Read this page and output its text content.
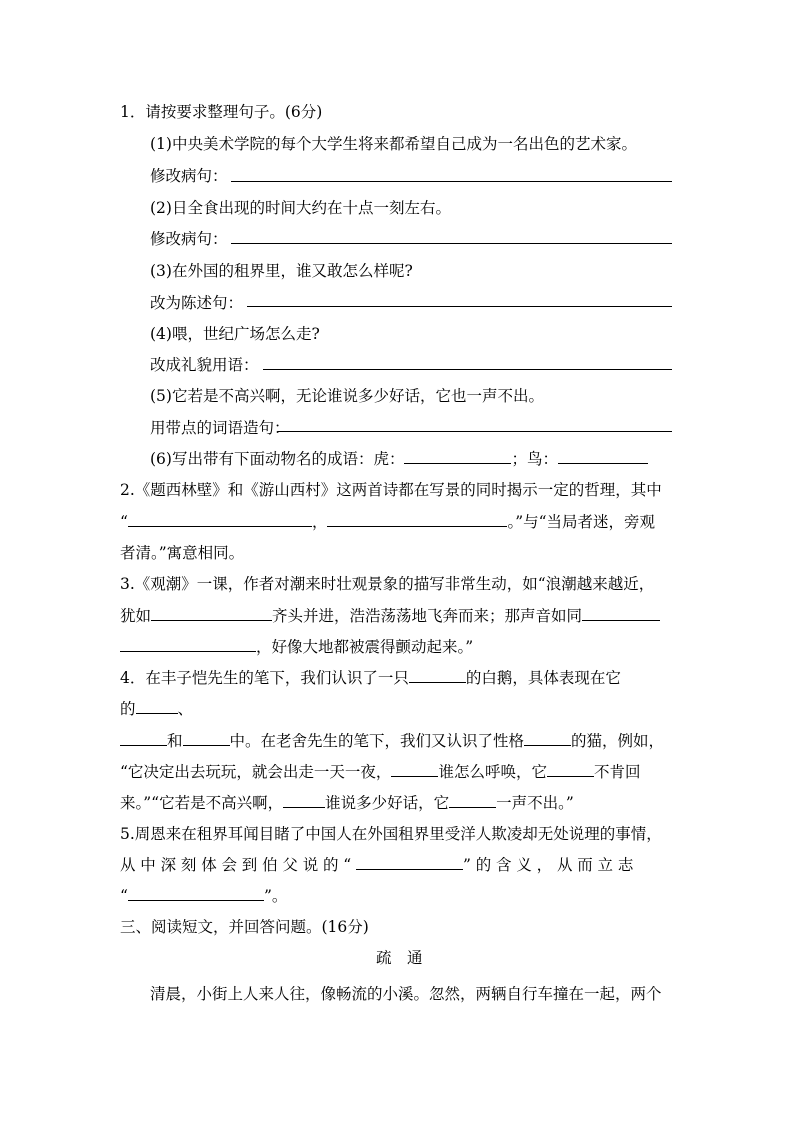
1．请按要求整理句子。(6分)
(1)中央美术学院的每个大学生将来都希望自己成为一名出色的艺术家。
修改病句：
(2)日全食出现的时间大约在十点一刻左右。
修改病句：
(3)在外国的租界里，谁又敢怎么样呢?
改为陈述句：
(4)喂，世纪广场怎么走?
改成礼貌用语：
(5)它若是不高兴啊，无论谁说多少好话，它也一声不出。
用带点的词语造句：
(6)写出带有下面动物名的成语：虎：	；鸟：
2.《题西林壁》和《游山西村》这两首诗都在写景的同时揭示一定的哲理，其中
“	，	。”与“当局者迷，旁观
者清。”寓意相同。
3.《观潮》一课，作者对潮来时壮观景象的描写非常生动，如“浪潮越来越近，
犹如	齐头并进，浩浩荡荡地飞奔而来；那声音如同
，好像大地都被震得颤动起来。”
4．在丰子恺先生的笔下，我们认识了一只	的白鹅，具体表现在它
的	、
和	中。在老舍先生的笔下，我们又认识了性格	的猫，例如，
“它决定出去玩玩，就会出走一天一夜，	谁怎么呼唤，它	不肯回
来。”“它若是不高兴啊，	谁说多少好话，它	一声不出。”
5.周恩来在租界耳闻目睹了中国人在外国租界里受洋人欺凌却无处说理的事情，
从中深刻体会到伯父说的“	”的含义，从而立志
“	”。
三、阅读短文，并回答问题。(16分)
疏　通
清晨，小街上人来人往，像畅流的小溪。忽然，两辆自行车撞在一起，两个
